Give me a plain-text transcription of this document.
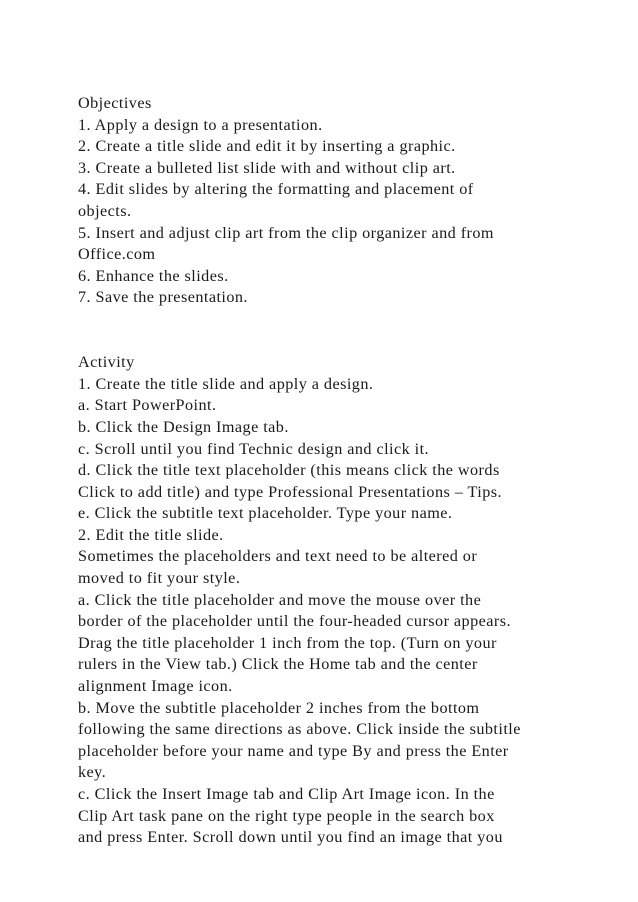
Objectives
1. Apply a design to a presentation.
2. Create a title slide and edit it by inserting a graphic.
3. Create a bulleted list slide with and without clip art.
4. Edit slides by altering the formatting and placement of
objects.
5. Insert and adjust clip art from the clip organizer and from
Office.com
6. Enhance the slides.
7. Save the presentation.
Activity
1. Create the title slide and apply a design.
a. Start PowerPoint.
b. Click the Design Image tab.
c. Scroll until you find Technic design and click it.
d. Click the title text placeholder (this means click the words
Click to add title) and type Professional Presentations – Tips.
e. Click the subtitle text placeholder. Type your name.
2. Edit the title slide.
Sometimes the placeholders and text need to be altered or
moved to fit your style.
a. Click the title placeholder and move the mouse over the
border of the placeholder until the four-headed cursor appears.
Drag the title placeholder 1 inch from the top. (Turn on your
rulers in the View tab.) Click the Home tab and the center
alignment Image icon.
b. Move the subtitle placeholder 2 inches from the bottom
following the same directions as above. Click inside the subtitle
placeholder before your name and type By and press the Enter
key.
c. Click the Insert Image tab and Clip Art Image icon. In the
Clip Art task pane on the right type people in the search box
and press Enter. Scroll down until you find an image that you
